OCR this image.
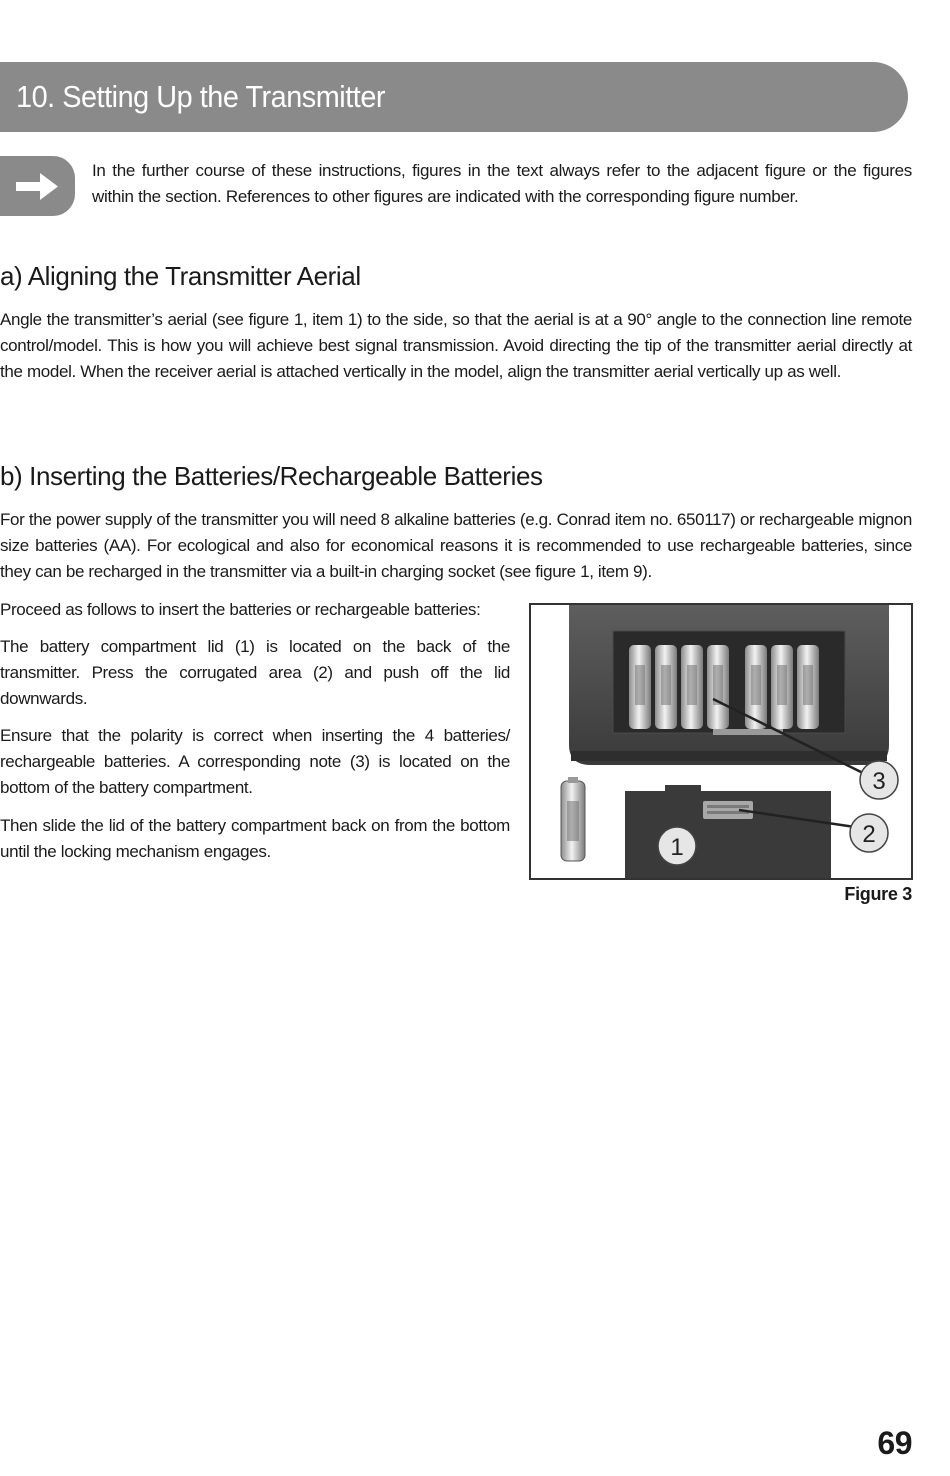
10. Setting Up the Transmitter

In the further course of these instructions, figures in the text always refer to the adjacent figure or the figures within the section. References to other figures are indicated with the corresponding figure number.

a) Aligning the Transmitter Aerial

Angle the transmitter’s aerial (see figure 1, item 1) to the side, so that the aerial is at a 90° angle to the connection line remote control/model. This is how you will achieve best signal transmission. Avoid directing the tip of the transmitter aerial directly at the model. When the receiver aerial is attached vertically in the model, align the transmitter aerial vertically up as well.

b) Inserting the Batteries/Rechargeable Batteries

For the power supply of the transmitter you will need 8 alkaline batteries (e.g. Conrad item no. 650117) or rechargeable mignon size batteries (AA). For ecological and also for economical reasons it is recommended to use rechargeable batteries, since they can be recharged in the transmitter via a built-in charging socket (see figure 1, item 9).

Proceed as follows to insert the batteries or rechargeable batteries:

The battery compartment lid (1) is located on the back of the transmitter. Press the corrugated area (2) and push off the lid downwards.

Ensure that the polarity is correct when inserting the 4 batteries/ rechargeable batteries. A corresponding note (3) is located on the bottom of the battery compartment.

Then slide the lid of the battery compartment back on from the bottom until the locking mechanism engages.	1	2
3

Figure 3

69
